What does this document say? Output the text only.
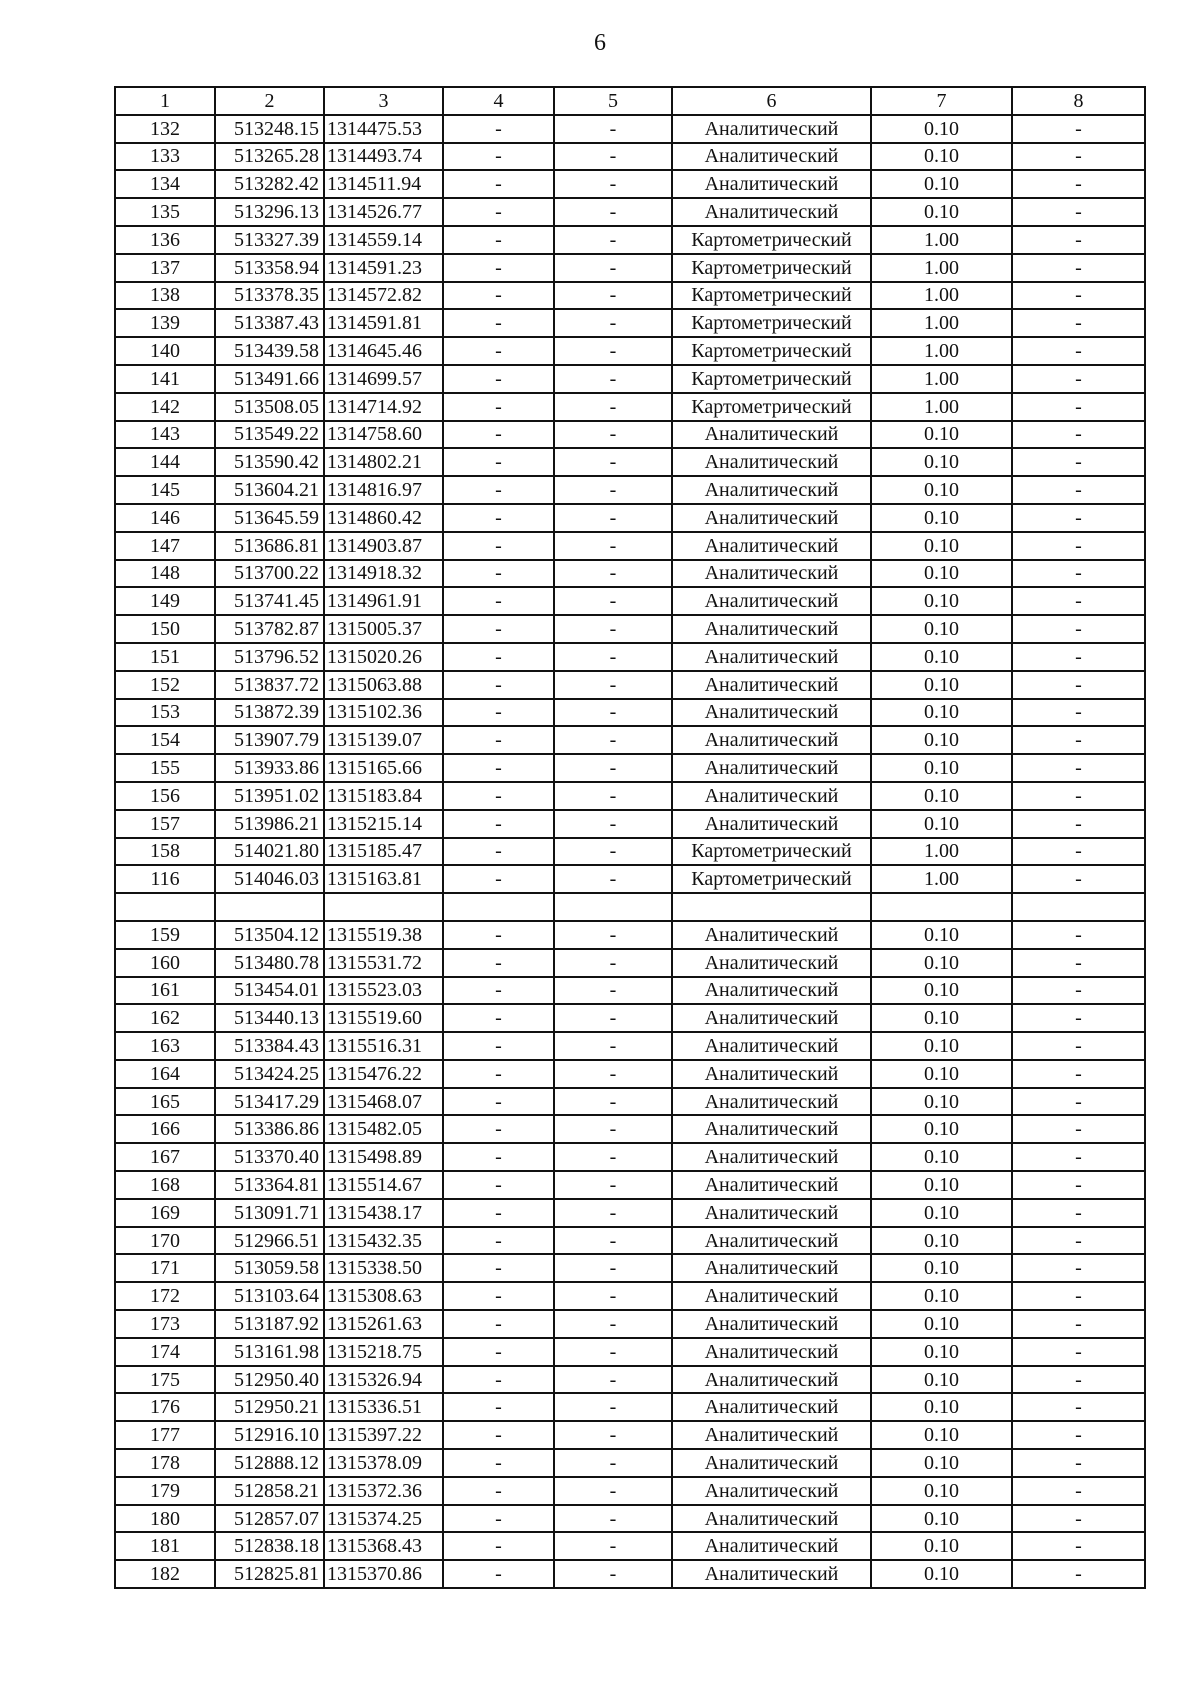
6
1	2	3	4	5	6	7	8
132	513248.15	1314475.53	-	-	Аналитический	0.10	-
133	513265.28	1314493.74	-	-	Аналитический	0.10	-
134	513282.42	1314511.94	-	-	Аналитический	0.10	-
135	513296.13	1314526.77	-	-	Аналитический	0.10	-
136	513327.39	1314559.14	-	-	Картометрический	1.00	-
137	513358.94	1314591.23	-	-	Картометрический	1.00	-
138	513378.35	1314572.82	-	-	Картометрический	1.00	-
139	513387.43	1314591.81	-	-	Картометрический	1.00	-
140	513439.58	1314645.46	-	-	Картометрический	1.00	-
141	513491.66	1314699.57	-	-	Картометрический	1.00	-
142	513508.05	1314714.92	-	-	Картометрический	1.00	-
143	513549.22	1314758.60	-	-	Аналитический	0.10	-
144	513590.42	1314802.21	-	-	Аналитический	0.10	-
145	513604.21	1314816.97	-	-	Аналитический	0.10	-
146	513645.59	1314860.42	-	-	Аналитический	0.10	-
147	513686.81	1314903.87	-	-	Аналитический	0.10	-
148	513700.22	1314918.32	-	-	Аналитический	0.10	-
149	513741.45	1314961.91	-	-	Аналитический	0.10	-
150	513782.87	1315005.37	-	-	Аналитический	0.10	-
151	513796.52	1315020.26	-	-	Аналитический	0.10	-
152	513837.72	1315063.88	-	-	Аналитический	0.10	-
153	513872.39	1315102.36	-	-	Аналитический	0.10	-
154	513907.79	1315139.07	-	-	Аналитический	0.10	-
155	513933.86	1315165.66	-	-	Аналитический	0.10	-
156	513951.02	1315183.84	-	-	Аналитический	0.10	-
157	513986.21	1315215.14	-	-	Аналитический	0.10	-
158	514021.80	1315185.47	-	-	Картометрический	1.00	-
116	514046.03	1315163.81	-	-	Картометрический	1.00	-

159	513504.12	1315519.38	-	-	Аналитический	0.10	-
160	513480.78	1315531.72	-	-	Аналитический	0.10	-
161	513454.01	1315523.03	-	-	Аналитический	0.10	-
162	513440.13	1315519.60	-	-	Аналитический	0.10	-
163	513384.43	1315516.31	-	-	Аналитический	0.10	-
164	513424.25	1315476.22	-	-	Аналитический	0.10	-
165	513417.29	1315468.07	-	-	Аналитический	0.10	-
166	513386.86	1315482.05	-	-	Аналитический	0.10	-
167	513370.40	1315498.89	-	-	Аналитический	0.10	-
168	513364.81	1315514.67	-	-	Аналитический	0.10	-
169	513091.71	1315438.17	-	-	Аналитический	0.10	-
170	512966.51	1315432.35	-	-	Аналитический	0.10	-
171	513059.58	1315338.50	-	-	Аналитический	0.10	-
172	513103.64	1315308.63	-	-	Аналитический	0.10	-
173	513187.92	1315261.63	-	-	Аналитический	0.10	-
174	513161.98	1315218.75	-	-	Аналитический	0.10	-
175	512950.40	1315326.94	-	-	Аналитический	0.10	-
176	512950.21	1315336.51	-	-	Аналитический	0.10	-
177	512916.10	1315397.22	-	-	Аналитический	0.10	-
178	512888.12	1315378.09	-	-	Аналитический	0.10	-
179	512858.21	1315372.36	-	-	Аналитический	0.10	-
180	512857.07	1315374.25	-	-	Аналитический	0.10	-
181	512838.18	1315368.43	-	-	Аналитический	0.10	-
182	512825.81	1315370.86	-	-	Аналитический	0.10	-
